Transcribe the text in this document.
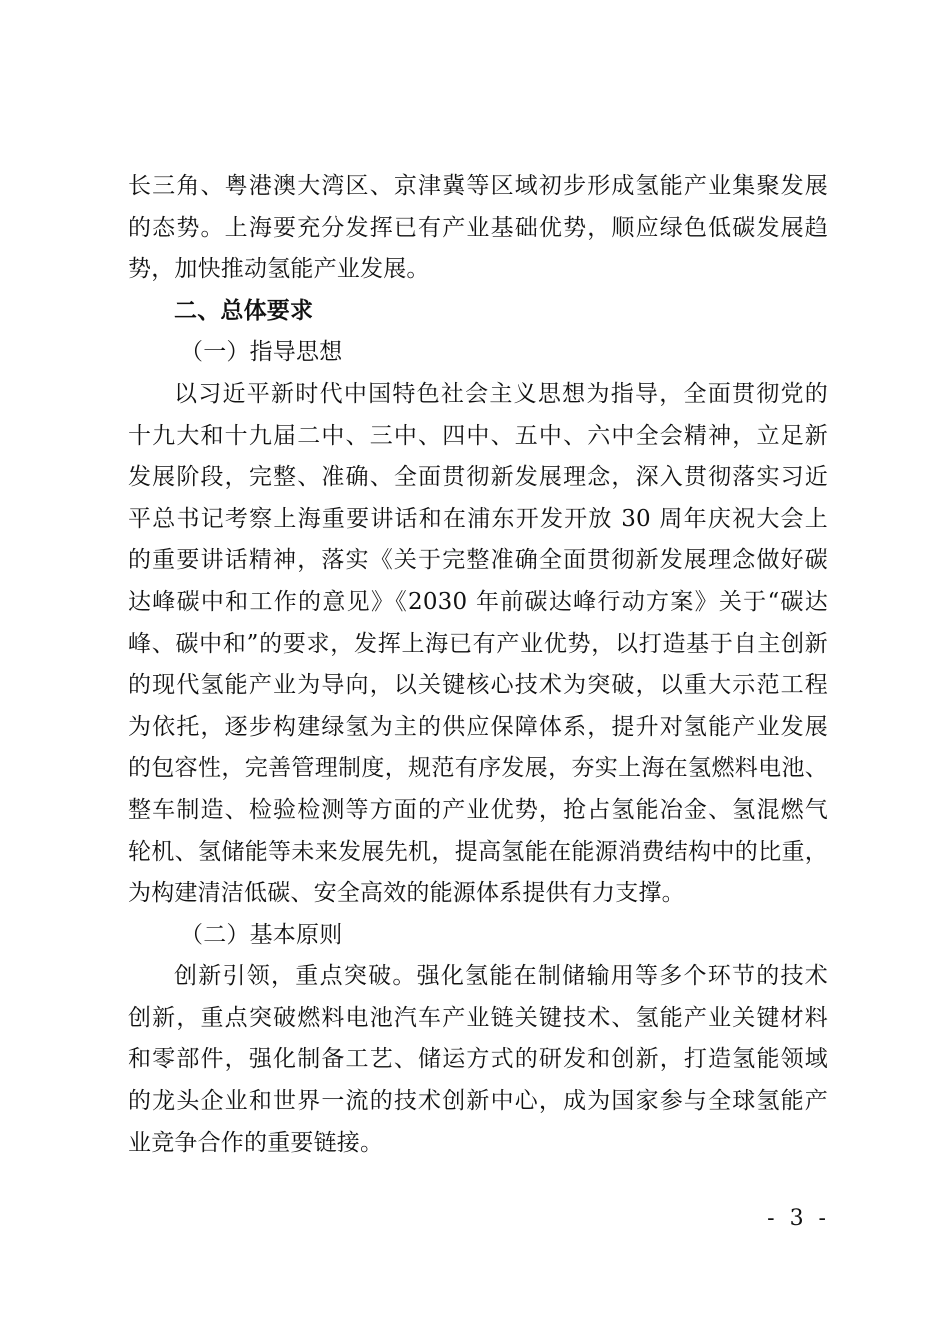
长三角、粤港澳大湾区、京津冀等区域初步形成氢能产业集聚发展
的态势。上海要充分发挥已有产业基础优势，顺应绿色低碳发展趋
势，加快推动氢能产业发展。
二、总体要求
（一）指导思想
以习近平新时代中国特色社会主义思想为指导，全面贯彻党的
十九大和十九届二中、三中、四中、五中、六中全会精神，立足新
发展阶段，完整、准确、全面贯彻新发展理念，深入贯彻落实习近
平总书记考察上海重要讲话和在浦东开发开放 30 周年庆祝大会上
的重要讲话精神，落实《关于完整准确全面贯彻新发展理念做好碳
达峰碳中和工作的意见》《2030 年前碳达峰行动方案》关于“碳达
峰、碳中和”的要求，发挥上海已有产业优势，以打造基于自主创新
的现代氢能产业为导向，以关键核心技术为突破，以重大示范工程
为依托，逐步构建绿氢为主的供应保障体系，提升对氢能产业发展
的包容性，完善管理制度，规范有序发展，夯实上海在氢燃料电池、
整车制造、检验检测等方面的产业优势，抢占氢能冶金、氢混燃气
轮机、氢储能等未来发展先机，提高氢能在能源消费结构中的比重，
为构建清洁低碳、安全高效的能源体系提供有力支撑。
（二）基本原则
创新引领，重点突破。强化氢能在制储输用等多个环节的技术
创新，重点突破燃料电池汽车产业链关键技术、氢能产业关键材料
和零部件，强化制备工艺、储运方式的研发和创新，打造氢能领域
的龙头企业和世界一流的技术创新中心，成为国家参与全球氢能产
业竞争合作的重要链接。
- 3 -
